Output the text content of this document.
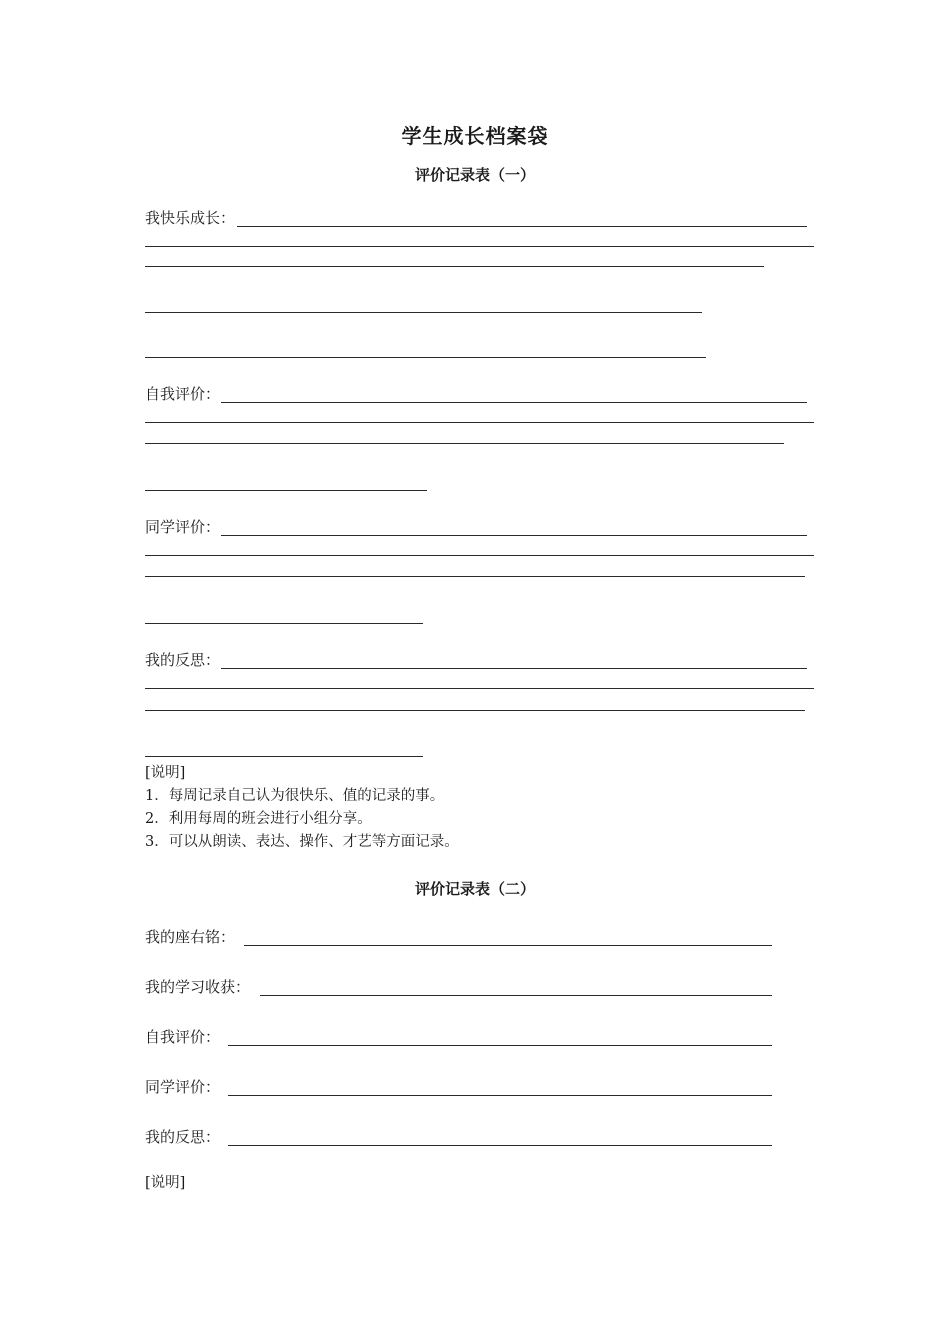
学生成长档案袋
评价记录表（一）
我快乐成长：
自我评价：
同学评价：
我的反思：
[说明]
1．每周记录自己认为很快乐、值的记录的事。
2．利用每周的班会进行小组分享。
3．可以从朗读、表达、操作、才艺等方面记录。
评价记录表（二）
我的座右铭：
我的学习收获：
自我评价：
同学评价：
我的反思：
[说明]
